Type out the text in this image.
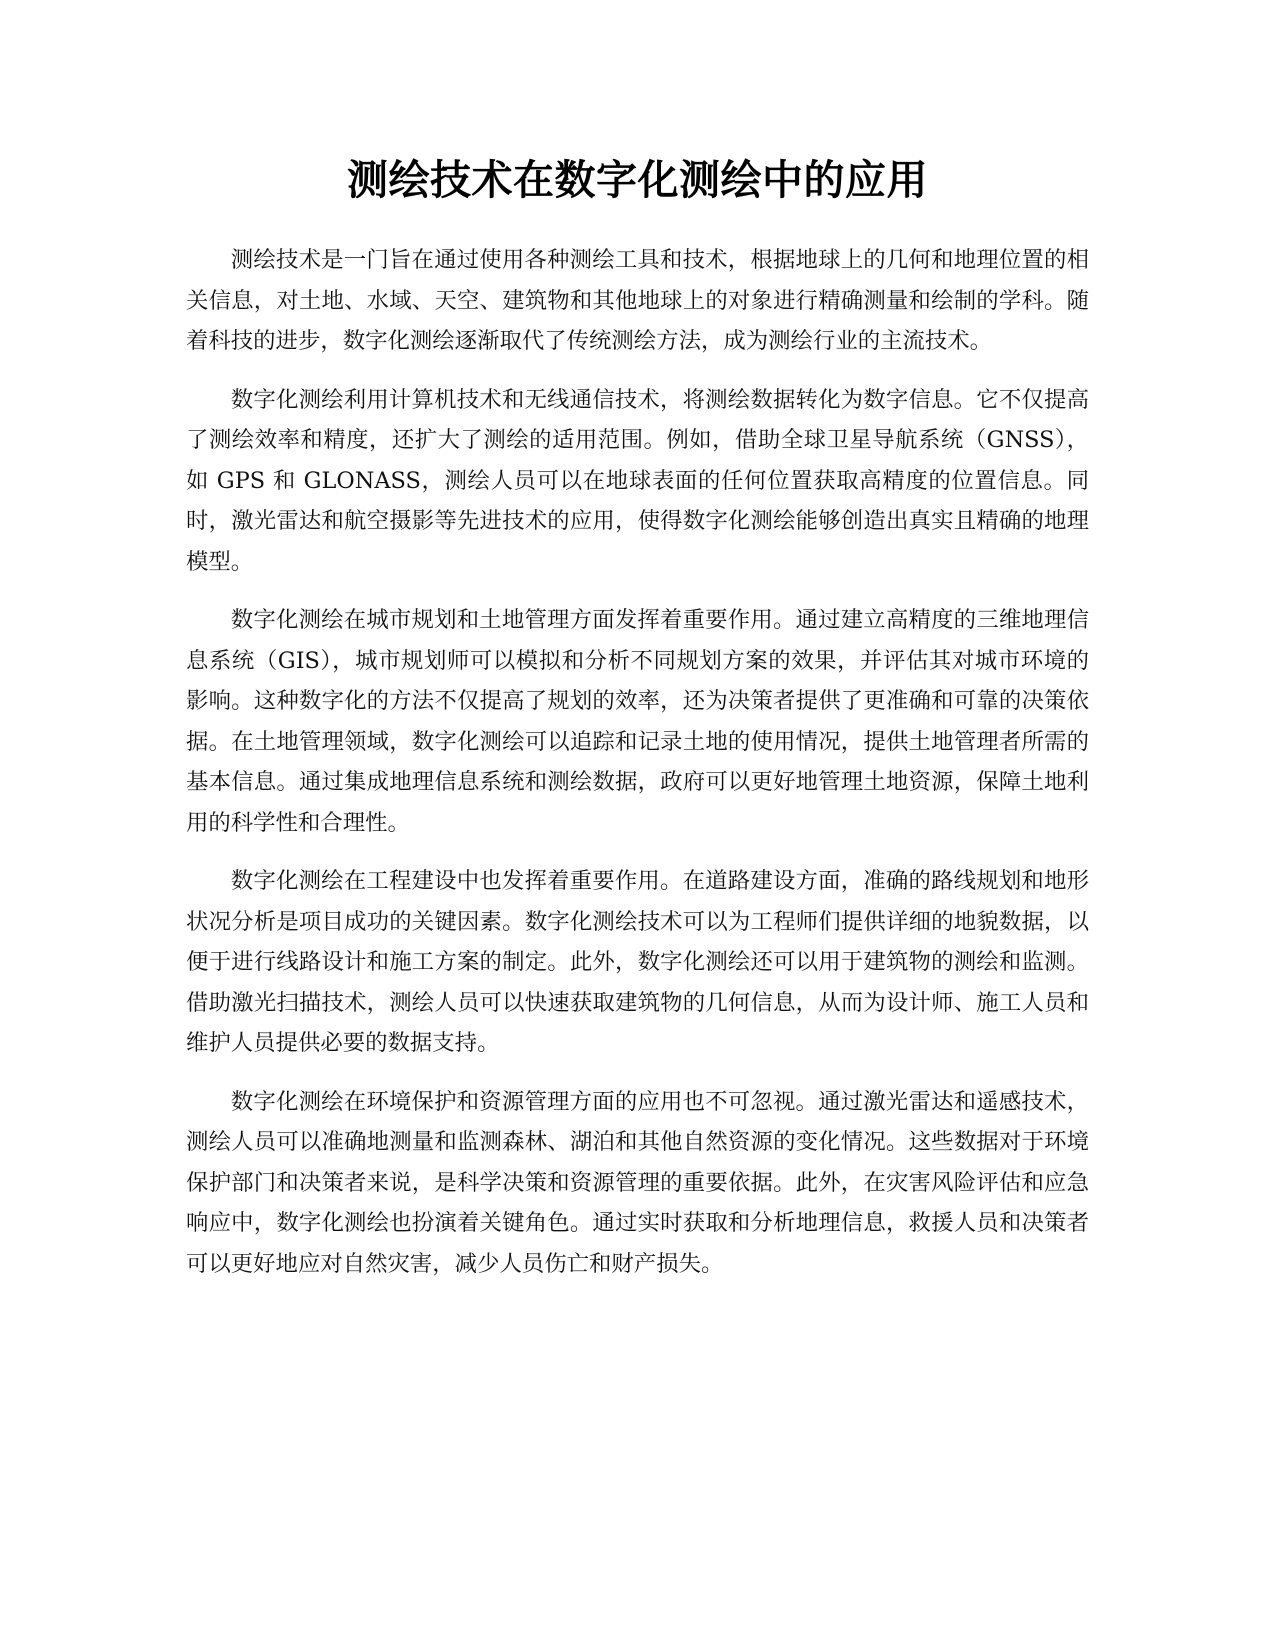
测绘技术在数字化测绘中的应用

测绘技术是一门旨在通过使用各种测绘工具和技术，根据地球上的几何和地理位置的相关信息，对土地、水域、天空、建筑物和其他地球上的对象进行精确测量和绘制的学科。随着科技的进步，数字化测绘逐渐取代了传统测绘方法，成为测绘行业的主流技术。

数字化测绘利用计算机技术和无线通信技术，将测绘数据转化为数字信息。它不仅提高了测绘效率和精度，还扩大了测绘的适用范围。例如，借助全球卫星导航系统（GNSS），如 GPS 和 GLONASS，测绘人员可以在地球表面的任何位置获取高精度的位置信息。同时，激光雷达和航空摄影等先进技术的应用，使得数字化测绘能够创造出真实且精确的地理模型。

数字化测绘在城市规划和土地管理方面发挥着重要作用。通过建立高精度的三维地理信息系统（GIS），城市规划师可以模拟和分析不同规划方案的效果，并评估其对城市环境的影响。这种数字化的方法不仅提高了规划的效率，还为决策者提供了更准确和可靠的决策依据。在土地管理领域，数字化测绘可以追踪和记录土地的使用情况，提供土地管理者所需的基本信息。通过集成地理信息系统和测绘数据，政府可以更好地管理土地资源，保障土地利用的科学性和合理性。

数字化测绘在工程建设中也发挥着重要作用。在道路建设方面，准确的路线规划和地形状况分析是项目成功的关键因素。数字化测绘技术可以为工程师们提供详细的地貌数据，以便于进行线路设计和施工方案的制定。此外，数字化测绘还可以用于建筑物的测绘和监测。借助激光扫描技术，测绘人员可以快速获取建筑物的几何信息，从而为设计师、施工人员和维护人员提供必要的数据支持。

数字化测绘在环境保护和资源管理方面的应用也不可忽视。通过激光雷达和遥感技术，测绘人员可以准确地测量和监测森林、湖泊和其他自然资源的变化情况。这些数据对于环境保护部门和决策者来说，是科学决策和资源管理的重要依据。此外，在灾害风险评估和应急响应中，数字化测绘也扮演着关键角色。通过实时获取和分析地理信息，救援人员和决策者可以更好地应对自然灾害，减少人员伤亡和财产损失。
